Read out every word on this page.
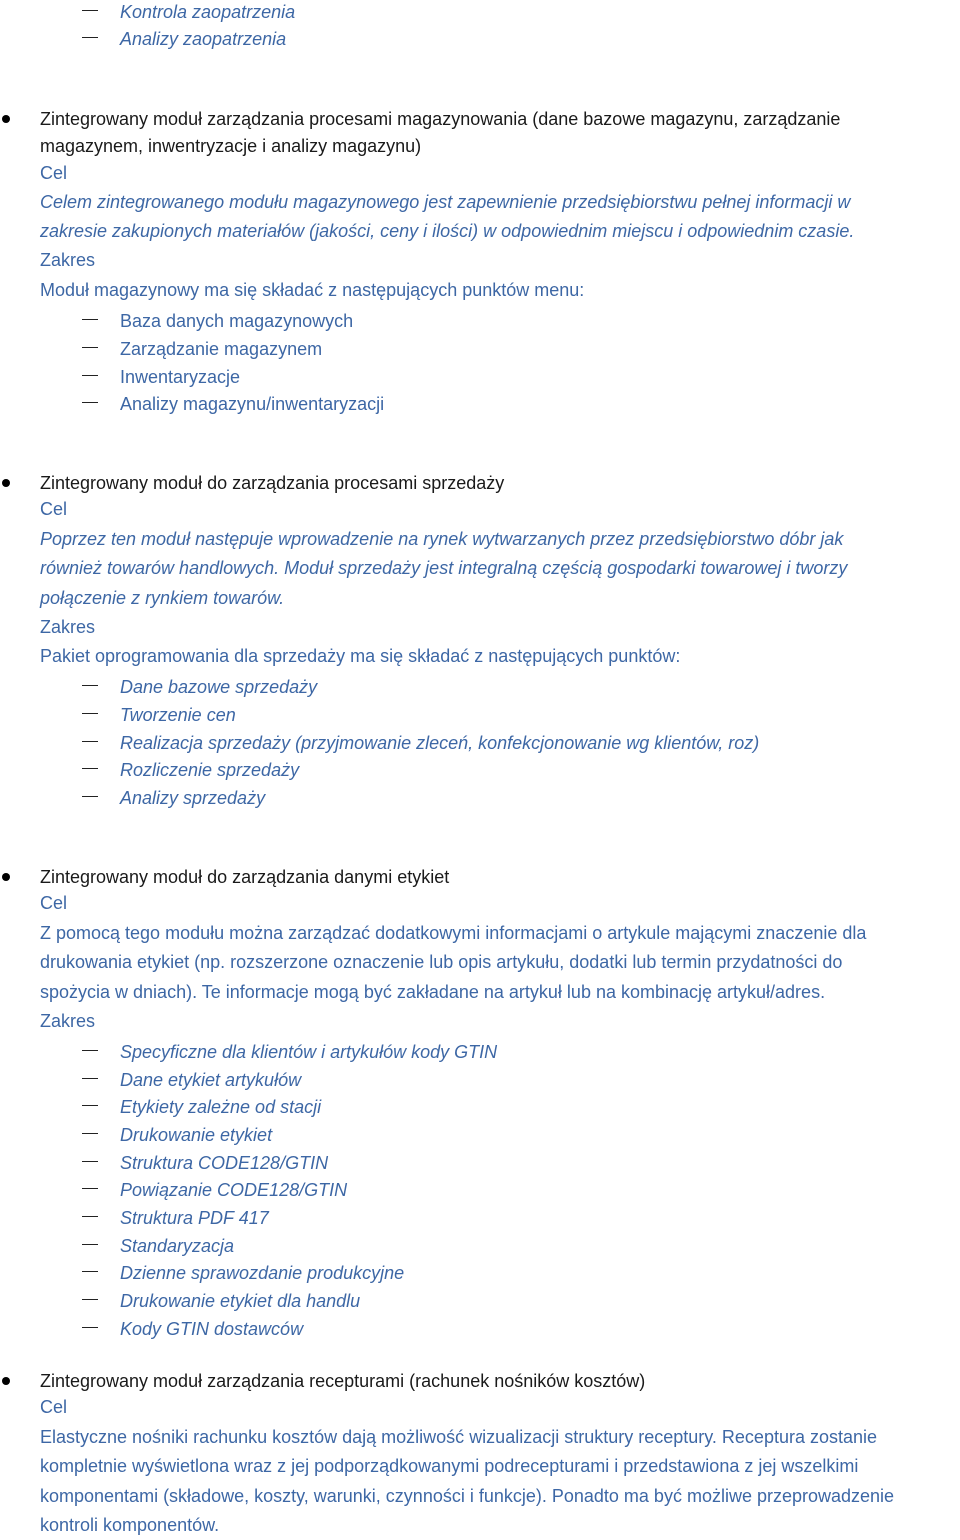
Kontrola zaopatrzenia
Analizy zaopatrzenia
Zintegrowany moduł zarządzania procesami magazynowania (dane bazowe magazynu, zarządzanie
magazynem, inwentryzacje i analizy magazynu)
Cel
Celem zintegrowanego modułu magazynowego jest zapewnienie przedsiębiorstwu pełnej informacji w
zakresie zakupionych materiałów (jakości, ceny i ilości) w odpowiednim miejscu i odpowiednim czasie.
Zakres
Moduł magazynowy ma się składać z następujących punktów menu:
Baza danych magazynowych
Zarządzanie magazynem
Inwentaryzacje
Analizy magazynu/inwentaryzacji
Zintegrowany moduł do zarządzania procesami sprzedaży
Cel
Poprzez ten moduł następuje wprowadzenie na rynek wytwarzanych przez przedsiębiorstwo dóbr jak
również towarów handlowych. Moduł sprzedaży jest integralną częścią gospodarki towarowej i tworzy
połączenie z rynkiem towarów.
Zakres
Pakiet oprogramowania dla sprzedaży ma się składać z następujących punktów:
Dane bazowe sprzedaży
Tworzenie cen
Realizacja sprzedaży (przyjmowanie zleceń, konfekcjonowanie wg klientów, roz)
Rozliczenie sprzedaży
Analizy sprzedaży
Zintegrowany moduł do zarządzania danymi etykiet
Cel
Z pomocą tego modułu można zarządzać dodatkowymi informacjami o artykule mającymi znaczenie dla
drukowania etykiet (np. rozszerzone oznaczenie lub opis artykułu, dodatki lub termin przydatności do
spożycia w dniach). Te informacje mogą być zakładane na artykuł lub na kombinację artykuł/adres.
Zakres
Specyficzne dla klientów i artykułów kody GTIN
Dane etykiet artykułów
Etykiety zależne od stacji
Drukowanie etykiet
Struktura CODE128/GTIN
Powiązanie CODE128/GTIN
Struktura PDF 417
Standaryzacja
Dzienne sprawozdanie produkcyjne
Drukowanie etykiet dla handlu
Kody GTIN dostawców
Zintegrowany moduł zarządzania recepturami (rachunek nośników kosztów)
Cel
Elastyczne nośniki rachunku kosztów dają możliwość wizualizacji struktury receptury. Receptura zostanie
kompletnie wyświetlona wraz z jej podporządkowanymi podrecepturami i przedstawiona z jej wszelkimi
komponentami (składowe, koszty, warunki, czynności i funkcje). Ponadto ma być możliwe przeprowadzenie
kontroli komponentów.
